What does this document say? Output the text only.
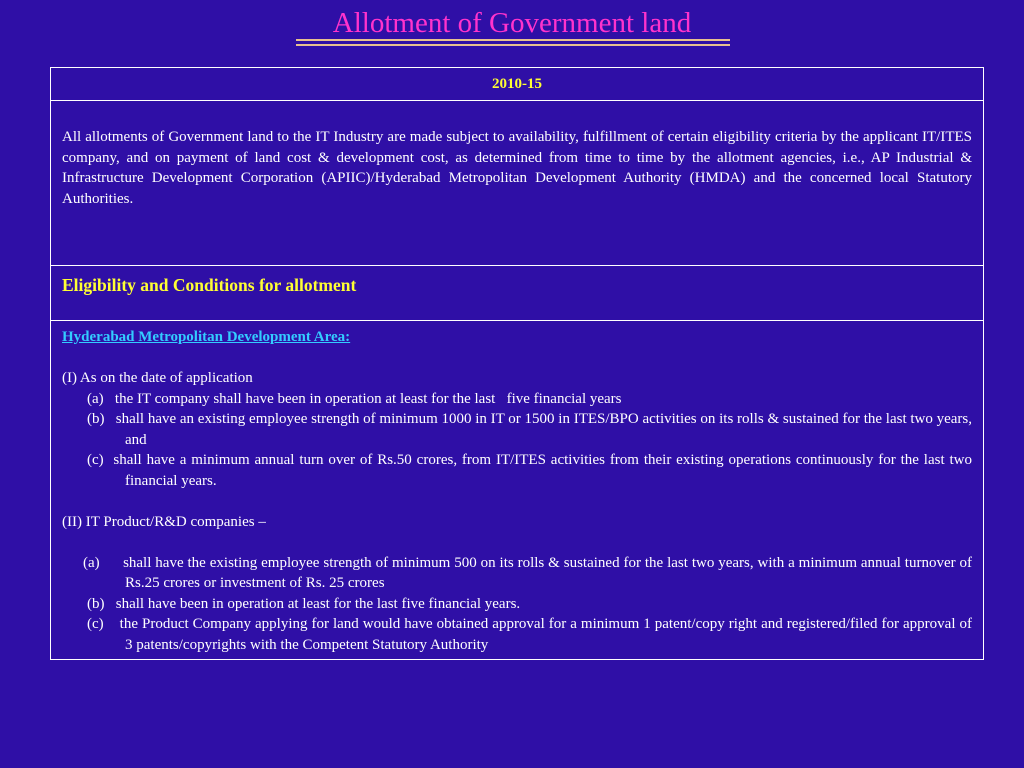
Allotment of Government land
2010-15

All allotments of Government land to the IT Industry are made subject to availability, fulfillment of certain eligibility criteria by the applicant IT/ITES company, and on payment of land cost & development cost, as determined from time to time by the allotment agencies, i.e., AP Industrial & Infrastructure Development Corporation (APIIC)/Hyderabad Metropolitan Development Authority (HMDA) and the concerned local Statutory Authorities.

Eligibility and Conditions for allotment
Hyderabad Metropolitan Development Area:

(I) As on the date of application

(a)   the IT company shall have been in operation at least for the last   five financial years

(b)   shall have an existing employee strength of minimum 1000 in IT or 1500 in ITES/BPO activities on its rolls & sustained for the last two years, and

(c)  shall have a minimum annual turn over of Rs.50 crores, from IT/ITES activities from their existing operations continuously for the last two financial years.

(II) IT Product/R&D companies –

(a)      shall have the existing employee strength of minimum 500 on its rolls & sustained for the last two years, with a minimum annual turnover of Rs.25 crores or investment of Rs. 25 crores

(b)   shall have been in operation at least for the last five financial years.

(c)    the Product Company applying for land would have obtained approval for a minimum 1 patent/copy right and registered/filed for approval of 3 patents/copyrights with the Competent Statutory Authority
